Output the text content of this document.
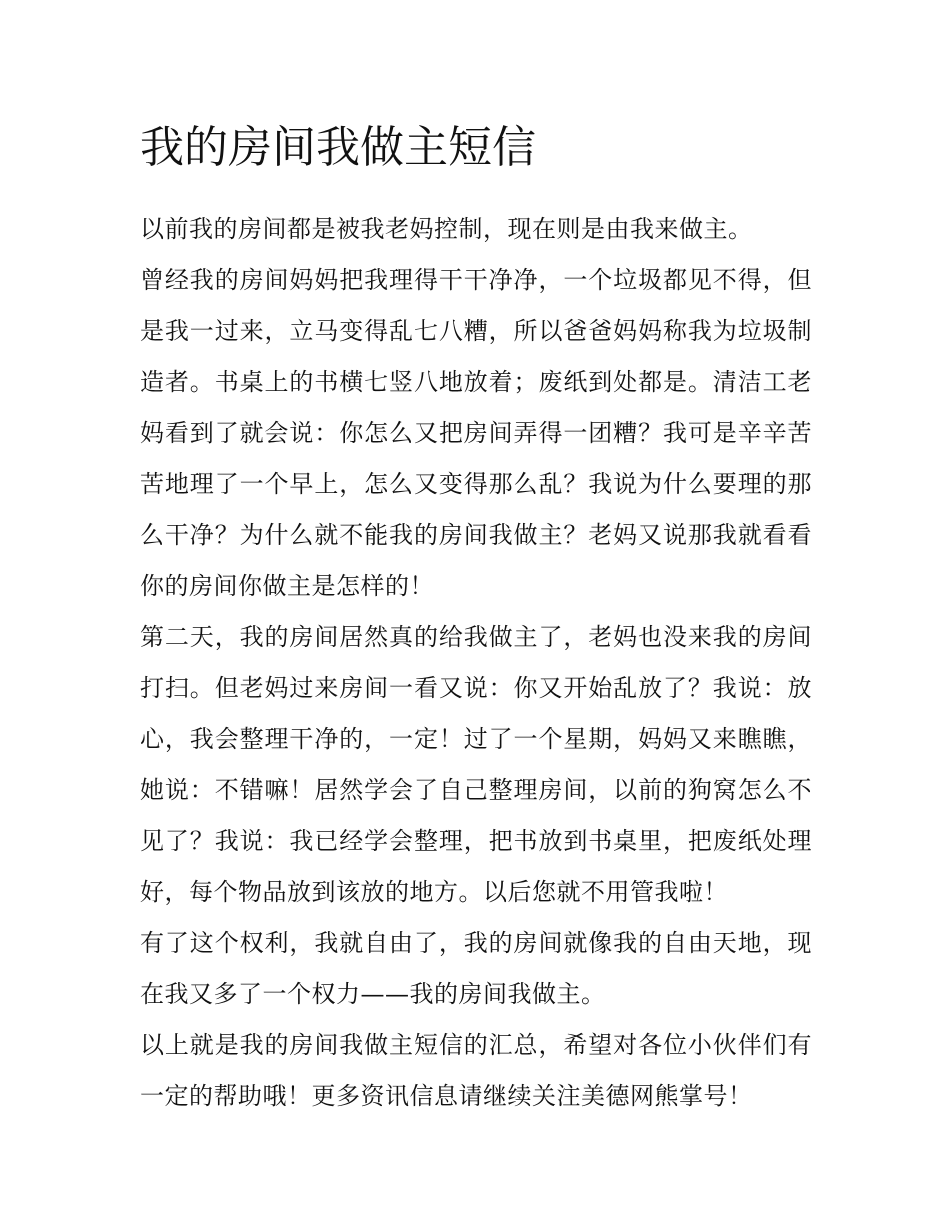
我的房间我做主短信

以前我的房间都是被我老妈控制，现在则是由我来做主。

曾经我的房间妈妈把我理得干干净净，一个垃圾都见不得，但是我一过来，立马变得乱七八糟，所以爸爸妈妈称我为垃圾制造者。书桌上的书横七竖八地放着；废纸到处都是。清洁工老妈看到了就会说：你怎么又把房间弄得一团糟？我可是辛辛苦苦地理了一个早上，怎么又变得那么乱？我说为什么要理的那么干净？为什么就不能我的房间我做主？老妈又说那我就看看你的房间你做主是怎样的！

第二天，我的房间居然真的给我做主了，老妈也没来我的房间打扫。但老妈过来房间一看又说：你又开始乱放了？我说：放心，我会整理干净的，一定！过了一个星期，妈妈又来瞧瞧，她说：不错嘛！居然学会了自己整理房间，以前的狗窝怎么不见了？我说：我已经学会整理，把书放到书桌里，把废纸处理好，每个物品放到该放的地方。以后您就不用管我啦！

有了这个权利，我就自由了，我的房间就像我的自由天地，现在我又多了一个权力——我的房间我做主。

以上就是我的房间我做主短信的汇总，希望对各位小伙伴们有一定的帮助哦！更多资讯信息请继续关注美德网熊掌号！
